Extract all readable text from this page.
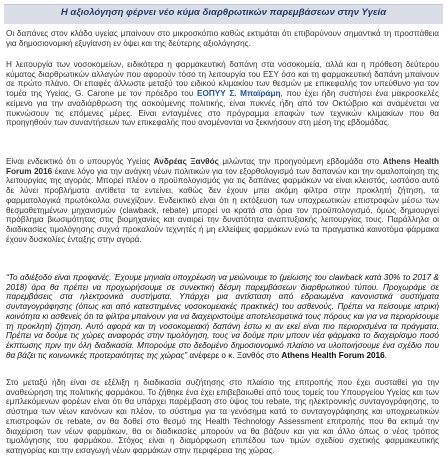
Η αξιολόγηση φέρνει νέο κύμα διαρθρωτικών παρεμβάσεων στην Υγεία

Οι δαπάνες στον κλάδο υγείας μπαίνουν στο μικροσκόπιο καθώς εκτιμάται ότι επιβαρύνουν σημαντικά τη προσπάθεια για δημοσιονομική εξυγίανση εν όψει και της δεύτερης αξιολόγησης.

Η λειτουργία των νοσοκομείων, ειδικότερα η φαρμακευτική δαπάνη στα νοσοκομεία, αλλά και η πρόθεση δεύτερου κύματος διαρθρωτικών αλλαγών που αφορούν τόσο τη λειτουργία του ΕΣΥ όσο και τη φαρμακευτική δαπάνη μπαίνουν σε πρώτο πλάνο. Οι επαφές άλλωστε μεταξύ του ειδικού κλιμακίου των θεσμών με επικεφαλής τον υπεύθυνο για τον τομέα της Υγείας, G. Carone με τον πρόεδρο του ΕΟΠΥΥ Σ. Μπαϊράμη, που έχει ήδη συστήσει ένα μακροσκελές κείμενο για την αναδιάρθρωση της ασκούμενης πολιτικής, είναι πυκνές ήδη από τον Οκτώβριο και αναμένεται να πυκνώσουν τις επόμενες μέρες. Είναι ενταγμένες στο πρόγραμμα επαφών των τεχνικών κλιμακίων που θα προηγηθούν των συναντήσεων των επικεφαλής που αναμένονται να ξεκινήσουν στη μέση της εβδομάδας.

Είναι ενδεικτικό ότι ο υπουργός Υγείας Ανδρέας Ξανθός μιλώντας την προηγούμενη εβδομάδα στο Athens Health Forum 2016 έκανε λόγο για την ανάγκη νέων πολιτικών για τον εξορθολογισμό των δαπανών και την ομαλοποίηση της λειτουργίας της αγοράς. Μπορεί πλέον ο προϋπολογισμός για τις δαπάνες φαρμάκων να είναι κλειστός, ωστόσο αυτό δε λύνει προβλήματα αντίθετα τα εντείνει, καθώς δεν έχουν μπει ακόμη φίλτρα στην προκλητή ζήτηση, τα φαρματολογικά πρωτόκολλα συνεχίζουν. Ενδεικτικό είναι ότι η εκτόξευση των υποχρεωτικών επιστροφών μέσω των θεσμοθετημένων μηχανισμών (clawback, rebate) μπορεί να κρατά στα όρια τον προϋπολογισμό, όμως δημιουργεί πρόβλημα βιωσιμότητας στις βιομηχανίες και αναιρεί την δυνατότητα αναπτυξιακής λειτουργίας τους. Παράλληλα οι διαδικασίες τιμολόγησης συχνά προκαλούν τεχνητές ή μη ελλείψεις φαρμάκων ενώ τα πραγματικά καινοτόμα φάρμακα έχουν δυσκολίες ένταξης στην αγορά.

“Το αδιέξοδο είναι προφανές. Έχουμε μηνιαία υποχρέωση να μειώνουμε το (μείωσης του clawback κατά 30% το 2017 & 2018) άρα θα πρέπει να προχωρήσουμε σε συνεκτική δέσμη παρεμβάσεων διαρθρωτικού τύπου. Προχωράμε σε παρεμβάσεις στα ηλεκτρονικά συστήματα. Υπάρχει μια αντίσταση από εδραιωμένα κανονιστικά συστήματα συνταγογράφησης (όπως και από κατεστημένες νοσοκομειακές πρακτικές) του ασθενούς. Πρέπει να πείσουμε ιατρική κοινότητα κι ασθενείς ότι τα φίλτρα μπαίνουν για να διαχειριστούμε αποτελεσματικά τους πόρους και για να περιορίσουμε τη προκλητή ζήτηση. Αυτό αφορά και τη νοσοκομειακή δαπάνη έστω κι αν εκεί είναι πιο περιορισμένα τα πράγματα. Πρέπει να δούμε τις χώρες αναφοράς στην τιμολόγηση, τους να δούμε πριν μπουν νέα φάρμακα το διαχειρίσιμο ποσό έκπτωσης πριν την όλη διαδικασία. Μπορούμε στο δεδομένο δημοσιονομικό πλαίσιο να υλοποιήσουμε ένα σχέδιο που θα βάζει τις κοινωνικές προτεραιότητες της χώρας” ανέφερε ο κ. Ξανθός στο Athens Health Forum 2016.

Στο μεταξύ ήδη είναι σε εξέλιξη η διαδικασία συζήτησης στο πλαίσιο της επιτροπής που έχει συσταθεί για την αναθεώρηση της πολιτικής φαρμάκου. Το ζήθηκε ένα έχει επιβεβαιωθεί από τους τομείς του Υπουργείου Υγείας και των εμπλεκόμενων φορέων είναι ότι θα υπάρχει παρέμβαση στο ύψος του rebate, της ηλεκτρονικής συνταγογράφησης, το σύστημα των νέων κανόνων και πλέον, το σύστημα για τα γενόσημα κατά το συνταγογράφησης και υποχρεωτικών επιστροφών σε rebate, αν θα δοθεί στο θεσμό της Health Technology Assessment επιτροπής που θα εκτιμά την διαχείριση των νέων φαρμάκων, θα οι διαδικασίες μπορούν να θα βάζουν και για και άλλο όπως ο νέος τρόπος τιμολόγησης του φαρμάκου. Στόχος είναι η διαμόρφωση επιπέδου των τιμών σχεδίου σχετικής φαρμακευτικής κατηγορίας και την εισαγωγή νέων φαρμάκων στην περιφέρεια της χώρας.
